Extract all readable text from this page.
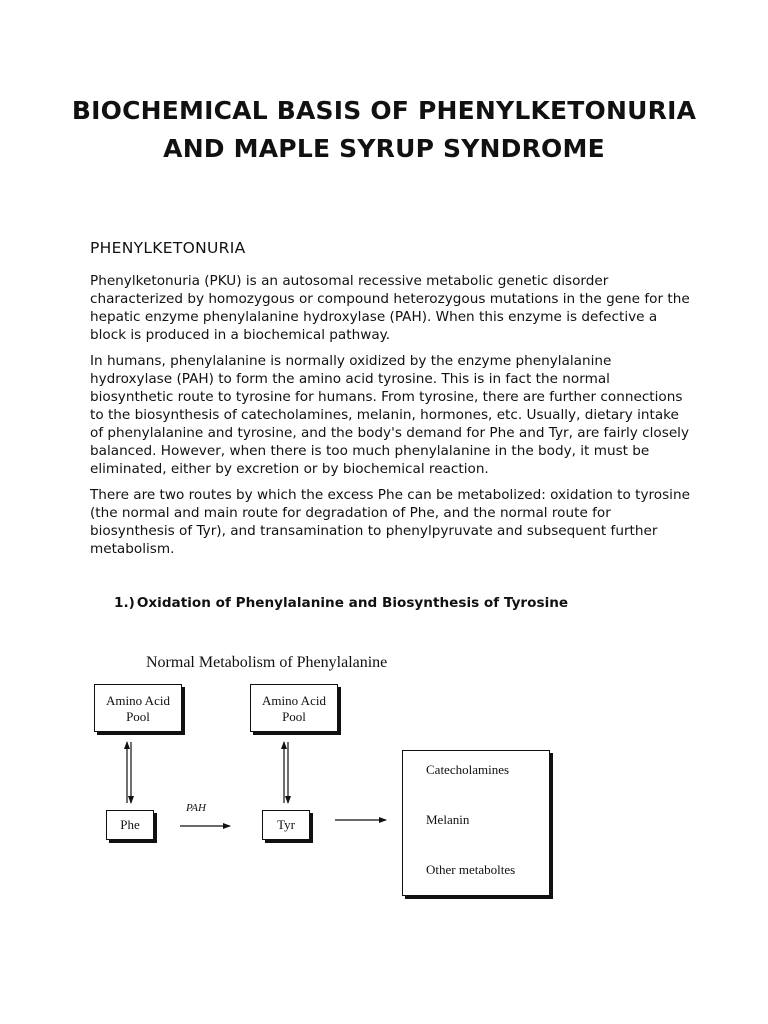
BIOCHEMICAL BASIS OF PHENYLKETONURIA AND MAPLE SYRUP SYNDROME
PHENYLKETONURIA

Phenylketonuria (PKU) is an autosomal recessive metabolic genetic disorder characterized by homozygous or compound heterozygous mutations in the gene for the hepatic enzyme phenylalanine hydroxylase (PAH). When this enzyme is defective a block is produced in a biochemical pathway.

In humans, phenylalanine is normally oxidized by the enzyme phenylalanine hydroxylase (PAH) to form the amino acid tyrosine. This is in fact the normal biosynthetic route to tyrosine for humans. From tyrosine, there are further connections to the biosynthesis of catecholamines, melanin, hormones, etc. Usually, dietary intake of phenylalanine and tyrosine, and the body's demand for Phe and Tyr, are fairly closely balanced. However, when there is too much phenylalanine in the body, it must be eliminated, either by excretion or by biochemical reaction.

There are two routes by which the excess Phe can be metabolized: oxidation to tyrosine (the normal and main route for degradation of Phe, and the normal route for biosynthesis of Tyr), and transamination to phenylpyruvate and subsequent further metabolism.

1.) Oxidation of Phenylalanine and Biosynthesis of Tyrosine
Normal Metabolism of Phenylalanine
Amino Acid
Pool
Amino Acid
Pool
Phe	Tyr
PAH
Catecholamines
Melanin
Other metaboltes
